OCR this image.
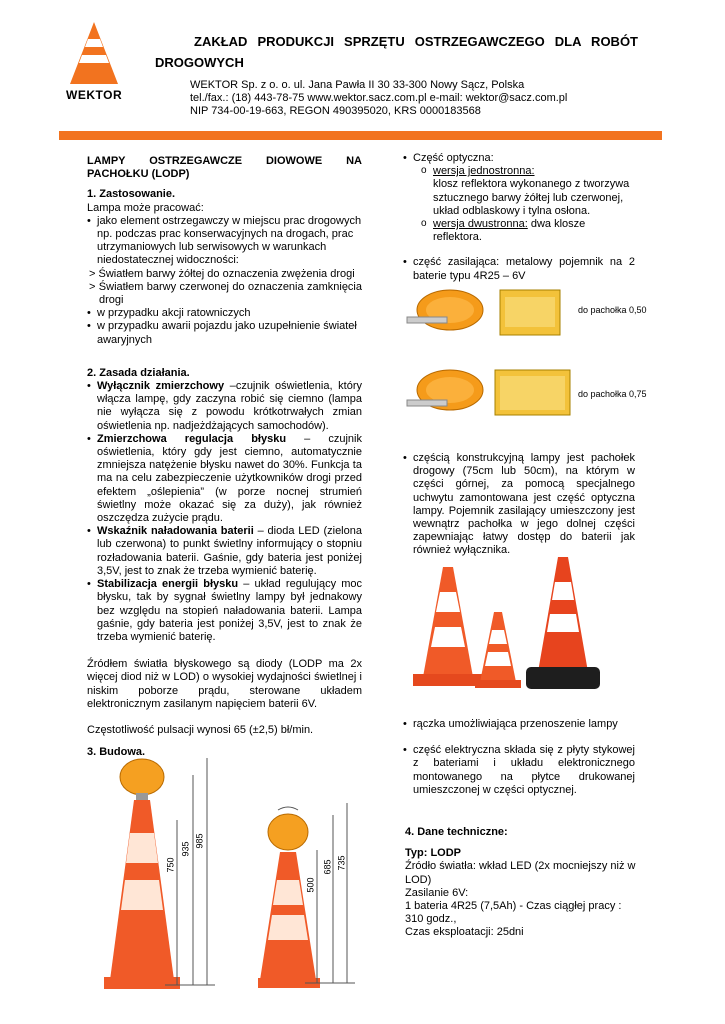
WEKTOR
ZAKŁAD PRODUKCJI SPRZĘTU OSTRZEGAWCZEGO DLA ROBÓT
DROGOWYCH
WEKTOR Sp. z o. o. ul. Jana Pawła II 30 33-300 Nowy Sącz, Polska
tel./fax.: (18) 443-78-75 www.wektor.sacz.com.pl e-mail: wektor@sacz.com.pl
NIP 734-00-19-663, REGON 490395020, KRS 0000183568

LAMPY OSTRZEGAWCZE DIOWOWE NA PACHOŁKU (LODP)

1. Zastosowanie.

Lampa może pracować:

• jako element ostrzegawczy w miejscu prac drogowych np. podczas prac konserwacyjnych na drogach, prac utrzymaniowych lub serwisowych w warunkach niedostatecznej widoczności:

> Światłem barwy żółtej do oznaczenia zwężenia drogi

> Światłem barwy czerwonej do oznaczenia zamknięcia drogi

• w przypadku akcji ratowniczych

• w przypadku awarii pojazdu jako uzupełnienie świateł awaryjnych

2. Zasada działania.

• Wyłącznik zmierzchowy –czujnik oświetlenia, który włącza lampę, gdy zaczyna robić się ciemno (lampa nie wyłącza się z powodu krótkotrwałych zmian oświetlenia np. nadjeżdżających samochodów).

• Zmierzchowa regulacja błysku – czujnik oświetlenia, który gdy jest ciemno, automatycznie zmniejsza natężenie błysku nawet do 30%. Funkcja ta ma na celu zabezpieczenie użytkowników drogi przed efektem „oślepienia” (w porze nocnej strumień świetlny może okazać się za duży), jak również oszczędza zużycie prądu.

• Wskaźnik naładowania baterii – dioda LED (zielona lub czerwona) to punkt świetlny informujący o stopniu rozładowania baterii. Gaśnie, gdy bateria jest poniżej 3,5V, jest to znak że trzeba wymienić baterię.

• Stabilizacja energii błysku – układ regulujący moc błysku, tak by sygnał świetlny lampy był jednakowy bez względu na stopień naładowania baterii. Lampa gaśnie, gdy bateria jest poniżej 3,5V, jest to znak że trzeba wymienić baterię.

Źródłem światła błyskowego są diody (LODP ma 2x więcej diod niż w LOD) o wysokiej wydajności świetlnej i niskim poborze prądu, sterowane układem elektronicznym zasilanym napięciem baterii 6V.

Częstotliwość pulsacji wynosi 65 (±2,5) bł/min.

3. Budowa.

750
935
985
500
685 735

• Część optyczna:

o wersja jednostronna:

klosz reflektora wykonanego z tworzywa sztucznego barwy żółtej lub czerwonej, układ odblaskowy i tylna osłona.

o wersja dwustronna: dwa klosze reflektora.

• część zasilająca: metalowy pojemnik na 2 baterie typu 4R25 – 6V

do pachołka 0,50
do pachołka 0,75

• częścią konstrukcyjną lampy jest pachołek drogowy (75cm lub 50cm), na którym w części górnej, za pomocą specjalnego uchwytu zamontowana jest część optyczna lampy. Pojemnik zasilający umieszczony jest wewnątrz pachołka w jego dolnej części zapewniając łatwy dostęp do baterii jak również wyłącznika.

• rączka umożliwiająca przenoszenie lampy

• część elektryczna składa się z płyty stykowej z bateriami i układu elektronicznego montowanego na płytce drukowanej umieszczonej w części optycznej.

4. Dane techniczne:

Typ: LODP

Źródło światła: wkład LED (2x mocniejszy niż w LOD)

Zasilanie 6V:

1 bateria 4R25 (7,5Ah) - Czas ciągłej pracy : 310 godz.,

Czas eksploatacji: 25dni
